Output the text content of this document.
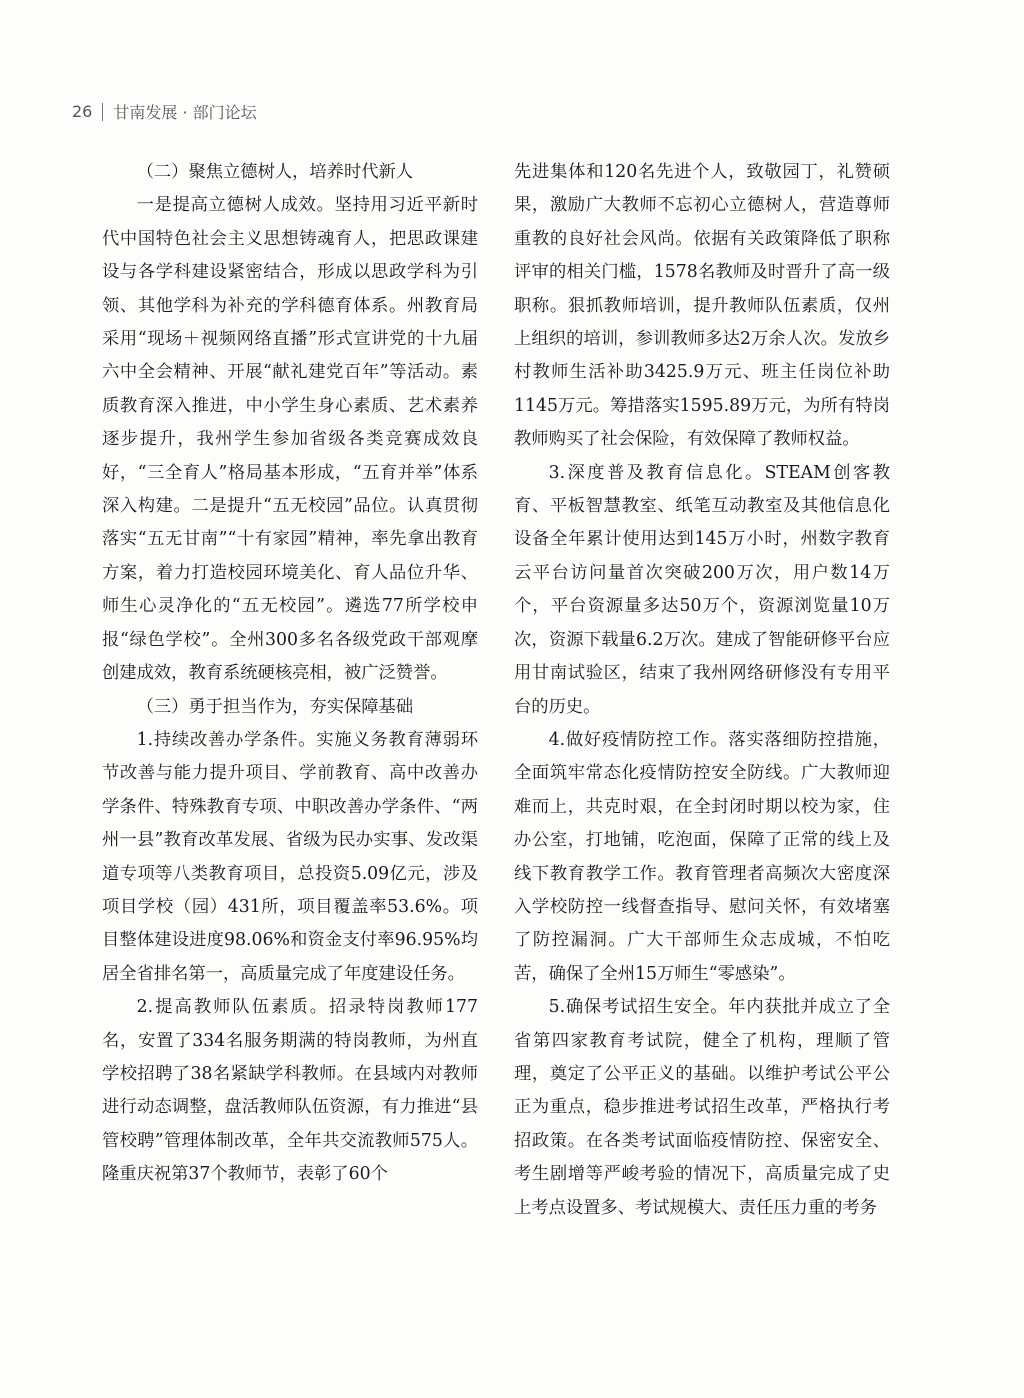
26 甘南发展 · 部门论坛

（二）聚焦立德树人，培养时代新人

一是提高立德树人成效。坚持用习近平新时代中国特色社会主义思想铸魂育人，把思政课建设与各学科建设紧密结合，形成以思政学科为引领、其他学科为补充的学科德育体系。州教育局采用“现场＋视频网络直播”形式宣讲党的十九届六中全会精神、开展“献礼建党百年”等活动。素质教育深入推进，中小学生身心素质、艺术素养逐步提升，我州学生参加省级各类竞赛成效良好，“三全育人”格局基本形成，“五育并举”体系深入构建。二是提升“五无校园”品位。认真贯彻落实“五无甘南”“十有家园”精神，率先拿出教育方案，着力打造校园环境美化、育人品位升华、师生心灵净化的“五无校园”。遴选77所学校申报“绿色学校”。全州300多名各级党政干部观摩创建成效，教育系统硬核亮相，被广泛赞誉。

（三）勇于担当作为，夯实保障基础

1.持续改善办学条件。实施义务教育薄弱环节改善与能力提升项目、学前教育、高中改善办学条件、特殊教育专项、中职改善办学条件、“两州一县”教育改革发展、省级为民办实事、发改渠道专项等八类教育项目，总投资5.09亿元，涉及项目学校（园）431所，项目覆盖率53.6%。项目整体建设进度98.06%和资金支付率96.95%均居全省排名第一，高质量完成了年度建设任务。

2.提高教师队伍素质。招录特岗教师177名，安置了334名服务期满的特岗教师，为州直学校招聘了38名紧缺学科教师。在县域内对教师进行动态调整，盘活教师队伍资源，有力推进“县管校聘”管理体制改革，全年共交流教师575人。隆重庆祝第37个教师节，表彰了60个

先进集体和120名先进个人，致敬园丁，礼赞硕果，激励广大教师不忘初心立德树人，营造尊师重教的良好社会风尚。依据有关政策降低了职称评审的相关门槛，1578名教师及时晋升了高一级职称。狠抓教师培训，提升教师队伍素质，仅州上组织的培训，参训教师多达2万余人次。发放乡村教师生活补助3425.9万元、班主任岗位补助1145万元。筹措落实1595.89万元，为所有特岗教师购买了社会保险，有效保障了教师权益。

3.深度普及教育信息化。STEAM创客教育、平板智慧教室、纸笔互动教室及其他信息化设备全年累计使用达到145万小时，州数字教育云平台访问量首次突破200万次，用户数14万个，平台资源量多达50万个，资源浏览量10万次，资源下载量6.2万次。建成了智能研修平台应用甘南试验区，结束了我州网络研修没有专用平台的历史。

4.做好疫情防控工作。落实落细防控措施，全面筑牢常态化疫情防控安全防线。广大教师迎难而上，共克时艰，在全封闭时期以校为家，住办公室，打地铺，吃泡面，保障了正常的线上及线下教育教学工作。教育管理者高频次大密度深入学校防控一线督查指导、慰问关怀，有效堵塞了防控漏洞。广大干部师生众志成城，不怕吃苦，确保了全州15万师生“零感染”。

5.确保考试招生安全。年内获批并成立了全省第四家教育考试院，健全了机构，理顺了管理，奠定了公平正义的基础。以维护考试公平公正为重点，稳步推进考试招生改革，严格执行考招政策。在各类考试面临疫情防控、保密安全、考生剧增等严峻考验的情况下，高质量完成了史上考点设置多、考试规模大、责任压力重的考务
